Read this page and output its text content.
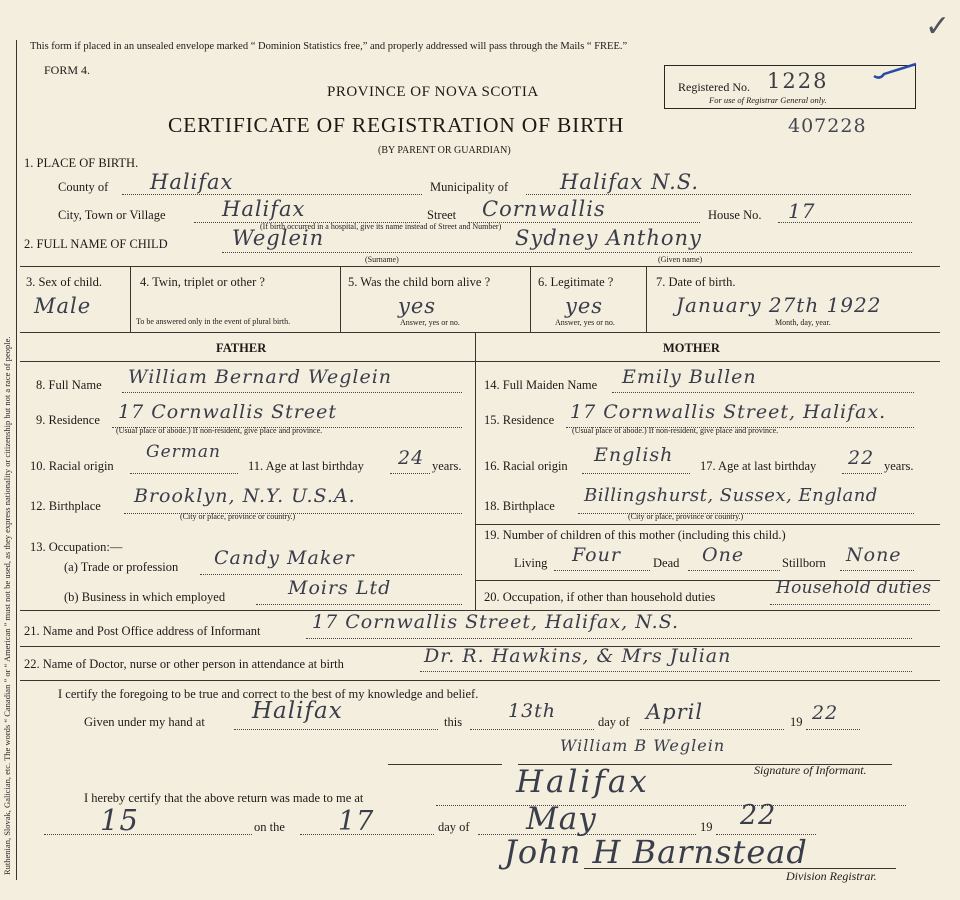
Ruthenian, Slovak, Galician, etc. The words “ Canadian ” or “ American ” must not be used, as they express nationality or citizenship but not a race of people.
This form if placed in an unsealed envelope marked “ Dominion Statistics free,” and properly addressed will pass through the Mails “ FREE.”
✓
FORM 4.
PROVINCE OF NOVA SCOTIA	Registered No. 1228
For use of Registrar General only.
CERTIFICATE OF REGISTRATION OF BIRTH	407228
(BY PARENT OR GUARDIAN)
1. PLACE OF BIRTH.
County of Halifax	Municipality of Halifax N.S.
City, Town or Village	Halifax	Street Cornwallis	House No. 17
(If birth occurred in a hospital, give its name instead of Street and Number)
2. FULL NAME OF CHILD	Weglein	Sydney Anthony
(Surname)	(Given name)
3. Sex of child.
Male
4. Twin, triplet or other ?
To be answered only in the event of plural birth.
5. Was the child born alive ?
yes
Answer, yes or no.
6. Legitimate ?
yes
Answer, yes or no.
7. Date of birth.
January 27th 1922
Month, day, year.
FATHER	MOTHER
8. Full Name William Bernard Weglein
9. Residence 17 Cornwallis Street
(Usual place of abode.) If non-resident, give place and province.
10. Racial origin
German
11. Age at last birthday 24 years.
12. Birthplace Brooklyn, N.Y. U.S.A.
(City or place, province or country.)
13. Occupation:—
(a) Trade or profession Candy Maker
(b) Business in which employed	Moirs Ltd
14. Full Maiden Name Emily Bullen
15. Residence 17 Cornwallis Street, Halifax.
(Usual place of abode.) If non-resident, give place and province.
16. Racial origin English 17. Age at last birthday 22 years.
18. Birthplace Billingshurst, Sussex, England
(City or place, province or country.)
19. Number of children of this mother (including this child.)
Living Four	Dead One	Stillborn None
20. Occupation, if other than household duties	Household duties
21. Name and Post Office address of Informant	17 Cornwallis Street, Halifax, N.S.
22. Name of Doctor, nurse or other person in attendance at birth	Dr. R. Hawkins, & Mrs Julian
I certify the foregoing to be true and correct to the best of my knowledge and belief.
Given under my hand at Halifax	this 13th	day of April	19 22
William B Weglein
Signature of Informant.
I hereby certify that the above return was made to me at	Halifax
15	on the 17	day of May	19 22
John H Barnstead
Division Registrar.
